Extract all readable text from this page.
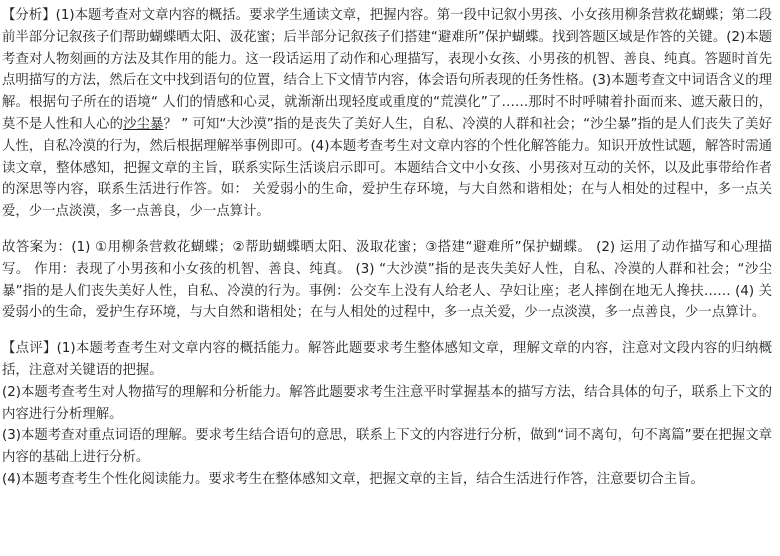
【分析】(1)本题考查对文章内容的概括。要求学生通读文章，把握内容。第一段中记叙小男孩、小女孩用柳条营救花蝴蝶；第二段前半部分记叙孩子们帮助蝴蝶晒太阳、汲花蜜；后半部分记叙孩子们搭建“避难所”保护蝴蝶。找到答题区域是作答的关键。(2)本题考查对人物刻画的方法及其作用的能力。这一段话运用了动作和心理描写，表现小女孩、小男孩的机智、善良、纯真。答题时首先点明描写的方法，然后在文中找到语句的位置，结合上下文情节内容，体会语句所表现的任务性格。(3)本题考查文中词语含义的理解。根据句子所在的语境“ 人们的情感和心灵，就渐渐出现轻度或重度的“荒漠化”了……那时不时呼啸着扑面而来、遮天蔽日的，莫不是人性和人心的沙尘暴？ ” 可知“大沙漠”指的是丧失了美好人生，自私、冷漠的人群和社会；“沙尘暴”指的是人们丧失了美好人性，自私冷漠的行为，然后根据理解举事例即可。(4)本题考查考生对文章内容的个性化解答能力。知识开放性试题，解答时需通读文章，整体感知，把握文章的主旨，联系实际生活谈启示即可。本题结合文中小女孩、小男孩对互动的关怀，以及此事带给作者的深思等内容，联系生活进行作答。如： 关爱弱小的生命，爱护生存环境，与大自然和谐相处；在与人相处的过程中，多一点关爱，少一点淡漠，多一点善良，少一点算计。

故答案为：(1) ①用柳条营救花蝴蝶；②帮助蝴蝶晒太阳、汲取花蜜；③搭建“避难所”保护蝴蝶。 (2) 运用了动作描写和心理描写。 作用：表现了小男孩和小女孩的机智、善良、纯真。 (3) “大沙漠”指的是丧失美好人性，自私、冷漠的人群和社会；“沙尘暴”指的是人们丧失美好人性，自私、冷漠的行为。事例：公交车上没有人给老人、孕妇让座；老人摔倒在地无人搀扶…… (4) 关爱弱小的生命，爱护生存环境，与大自然和谐相处；在与人相处的过程中，多一点关爱，少一点淡漠，多一点善良，少一点算计。

【点评】(1)本题考查考生对文章内容的概括能力。解答此题要求考生整体感知文章，理解文章的内容，注意对文段内容的归纳概括，注意对关键语的把握。

(2)本题考查考生对人物描写的理解和分析能力。解答此题要求考生注意平时掌握基本的描写方法，结合具体的句子，联系上下文的内容进行分析理解。

(3)本题考查对重点词语的理解。要求考生结合语句的意思，联系上下文的内容进行分析，做到“词不离句，句不离篇”要在把握文章内容的基础上进行分析。

(4)本题考查考生个性化阅读能力。要求考生在整体感知文章，把握文章的主旨，结合生活进行作答，注意要切合主旨。
